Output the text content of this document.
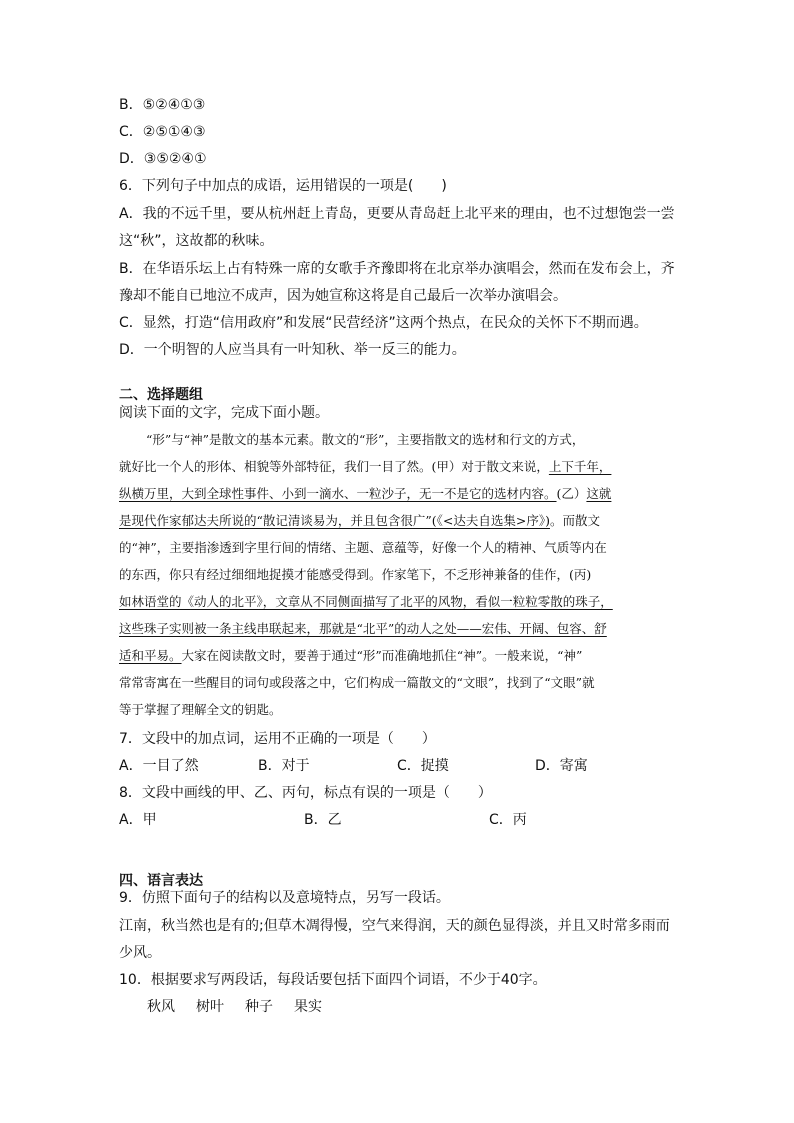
B．⑤②④①③
C．②⑤①④③
D．③⑤②④①
6．下列句子中加点的成语，运用错误的一项是(　　)
A．我的不远千里，要从杭州赶上青岛，更要从青岛赶上北平来的理由，也不过想饱尝一尝
这“秋”，这故都的秋味。
B．在华语乐坛上占有特殊一席的女歌手齐豫即将在北京举办演唱会，然而在发布会上，齐
豫却不能自已地泣不成声，因为她宣称这将是自己最后一次举办演唱会。
C．显然，打造“信用政府”和发展“民营经济”这两个热点，在民众的关怀下不期而遇。
D．一个明智的人应当具有一叶知秋、举一反三的能力。
二、选择题组
阅读下面的文字，完成下面小题。
“形”与“神”是散文的基本元素。散文的“形”，主要指散文的选材和行文的方式，
就好比一个人的形体、相貌等外部特征，我们一目了然。(甲）对于散文来说，上下千年，
纵横万里，大到全球性事件、小到一滴水、一粒沙子，无一不是它的选材内容。(乙）这就
是现代作家郁达夫所说的“散记清谈易为，并且包含很广”(《<达夫自选集>序》)。而散文
的“神”，主要指渗透到字里行间的情绪、主题、意蕴等，好像一个人的精神、气质等内在
的东西，你只有经过细细地捉摸才能感受得到。作家笔下，不乏形神兼备的佳作，(丙)
如林语堂的《动人的北平》，文章从不同侧面描写了北平的风物，看似一粒粒零散的珠子，
这些珠子实则被一条主线串联起来，那就是“北平”的动人之处——宏伟、开阔、包容、舒
适和平易。大家在阅读散文时，要善于通过“形”而准确地抓住“神”。一般来说，“神”
常常寄寓在一些醒目的词句或段落之中，它们构成一篇散文的“文眼”，找到了“文眼”就
等于掌握了理解全文的钥匙。
7．文段中的加点词，运用不正确的一项是（　　）
A．一目了然	B．对于	C．捉摸	D．寄寓
8．文段中画线的甲、乙、丙句，标点有误的一项是（　　）
A．甲	B．乙	C．丙
四、语言表达
9．仿照下面句子的结构以及意境特点，另写一段话。
江南，秋当然也是有的;但草木凋得慢，空气来得润，天的颜色显得淡，并且又时常多雨而
少风。
10．根据要求写两段话，每段话要包括下面四个词语，不少于40字。
秋风 树叶 种子 果实
